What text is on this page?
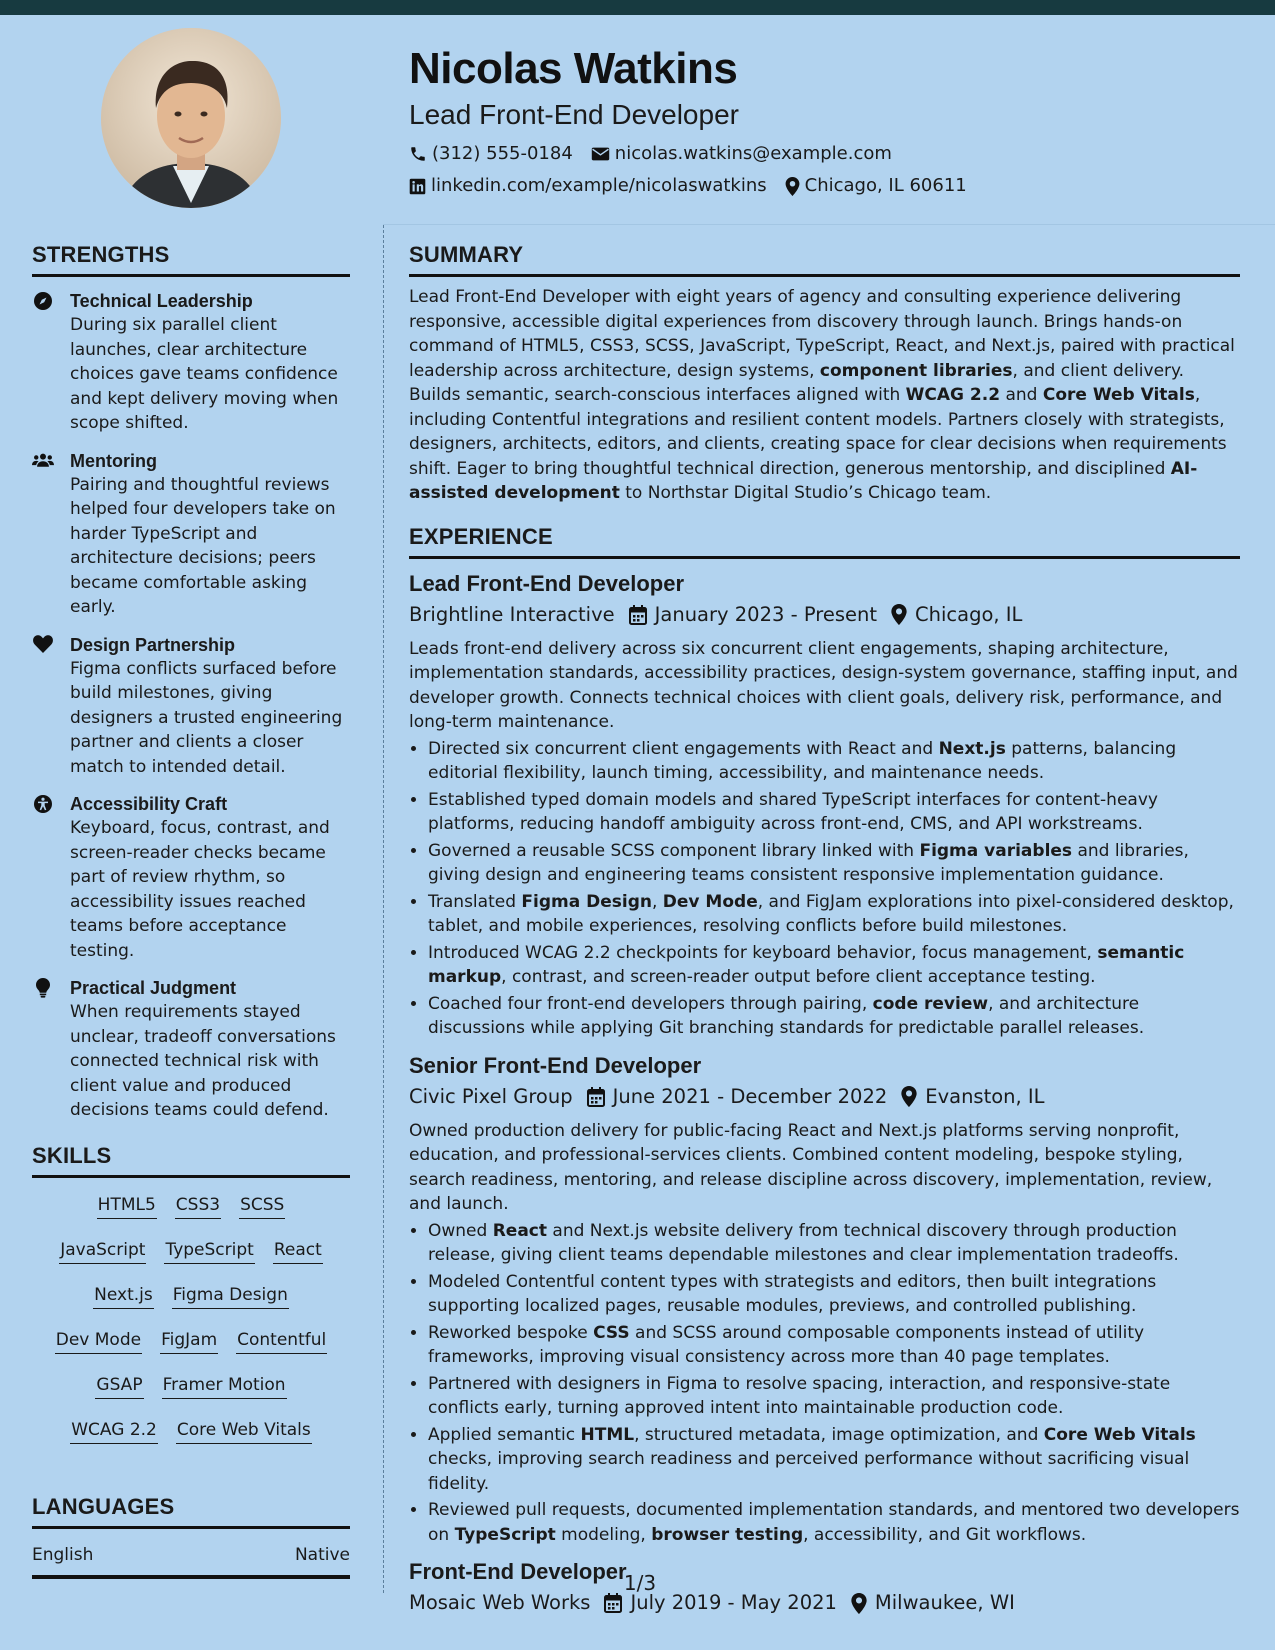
Nicolas Watkins
Lead Front-End Developer
(312) 555-0184 nicolas.watkins@example.com
linkedin.com/example/nicolaswatkins Chicago, IL 60611
STRENGTHS
Technical Leadership
During six parallel client launches, clear architecture choices gave teams confidence and kept delivery moving when scope shifted.
Mentoring
Pairing and thoughtful reviews helped four developers take on harder TypeScript and architecture decisions; peers became comfortable asking early.
Design Partnership
Figma conflicts surfaced before build milestones, giving designers a trusted engineering partner and clients a closer match to intended detail.
Accessibility Craft
Keyboard, focus, contrast, and screen-reader checks became part of review rhythm, so accessibility issues reached teams before acceptance testing.
Practical Judgment
When requirements stayed unclear, tradeoff conversations connected technical risk with client value and produced decisions teams could defend.
SKILLS
HTML5 CSS3 SCSS
JavaScript TypeScript React
Next.js Figma Design
Dev Mode FigJam Contentful
GSAP Framer Motion
WCAG 2.2 Core Web Vitals
LANGUAGES
English	Native
SUMMARY

Lead Front-End Developer with eight years of agency and consulting experience delivering responsive, accessible digital experiences from discovery through launch. Brings hands-on command of HTML5, CSS3, SCSS, JavaScript, TypeScript, React, and Next.js, paired with practical leadership across architecture, design systems, component libraries, and client delivery. Builds semantic, search-conscious interfaces aligned with WCAG 2.2 and Core Web Vitals, including Contentful integrations and resilient content models. Partners closely with strategists, designers, architects, editors, and clients, creating space for clear decisions when requirements shift. Eager to bring thoughtful technical direction, generous mentorship, and disciplined AI-assisted development to Northstar Digital Studio’s Chicago team.

EXPERIENCE
Lead Front-End Developer
Brightline Interactive January 2023 - Present Chicago, IL

Leads front-end delivery across six concurrent client engagements, shaping architecture, implementation standards, accessibility practices, design-system governance, staffing input, and developer growth. Connects technical choices with client goals, delivery risk, performance, and long-term maintenance.

• Directed six concurrent client engagements with React and Next.js patterns, balancing editorial flexibility, launch timing, accessibility, and maintenance needs.
• Established typed domain models and shared TypeScript interfaces for content-heavy platforms, reducing handoff ambiguity across front-end, CMS, and API workstreams.
• Governed a reusable SCSS component library linked with Figma variables and libraries, giving design and engineering teams consistent responsive implementation guidance.
• Translated Figma Design, Dev Mode, and FigJam explorations into pixel-considered desktop, tablet, and mobile experiences, resolving conflicts before build milestones.
• Introduced WCAG 2.2 checkpoints for keyboard behavior, focus management, semantic markup, contrast, and screen-reader output before client acceptance testing.
• Coached four front-end developers through pairing, code review, and architecture discussions while applying Git branching standards for predictable parallel releases.
Senior Front-End Developer
Civic Pixel Group June 2021 - December 2022 Evanston, IL

Owned production delivery for public-facing React and Next.js platforms serving nonprofit, education, and professional-services clients. Combined content modeling, bespoke styling, search readiness, mentoring, and release discipline across discovery, implementation, review, and launch.

• Owned React and Next.js website delivery from technical discovery through production release, giving client teams dependable milestones and clear implementation tradeoffs.
• Modeled Contentful content types with strategists and editors, then built integrations supporting localized pages, reusable modules, previews, and controlled publishing.
• Reworked bespoke CSS and SCSS around composable components instead of utility frameworks, improving visual consistency across more than 40 page templates.
• Partnered with designers in Figma to resolve spacing, interaction, and responsive-state conflicts early, turning approved intent into maintainable production code.
• Applied semantic HTML, structured metadata, image optimization, and Core Web Vitals checks, improving search readiness and perceived performance without sacrificing visual fidelity.
• Reviewed pull requests, documented implementation standards, and mentored two developers on TypeScript modeling, browser testing, accessibility, and Git workflows.
Front-End Developer
Mosaic Web Works July 2019 - May 2021 Milwaukee, WI
1/3
